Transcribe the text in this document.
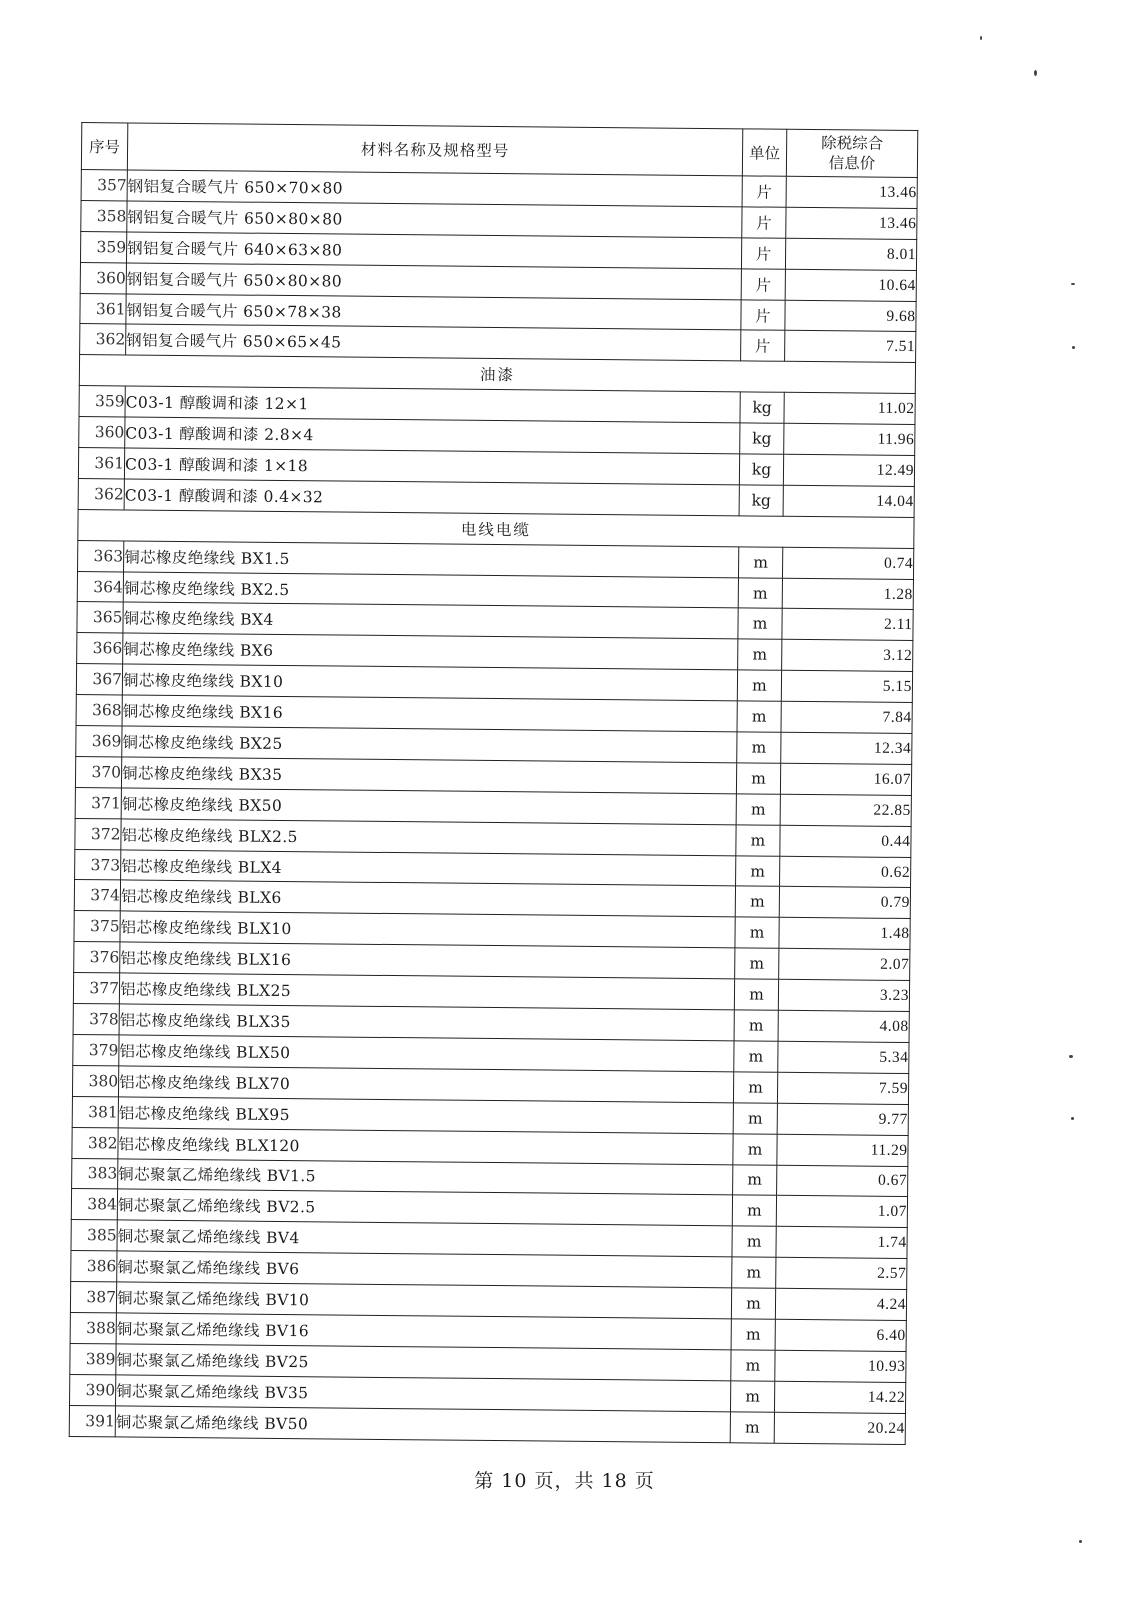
序号	材料名称及规格型号	单位	除税综合
信息价
357	钢铝复合暖气片 650×70×80	片	13.46
358	钢铝复合暖气片 650×80×80	片	13.46
359	钢铝复合暖气片 640×63×80	片	8.01
360	钢铝复合暖气片 650×80×80	片	10.64
361	钢铝复合暖气片 650×78×38	片	9.68
362	钢铝复合暖气片 650×65×45	片	7.51
油漆			
359	C03-1 醇酸调和漆 12×1	kg	11.02
360	C03-1 醇酸调和漆 2.8×4	kg	11.96
361	C03-1 醇酸调和漆 1×18	kg	12.49
362	C03-1 醇酸调和漆 0.4×32	kg	14.04
电线电缆			
363	铜芯橡皮绝缘线 BX1.5	m	0.74
364	铜芯橡皮绝缘线 BX2.5	m	1.28
365	铜芯橡皮绝缘线 BX4	m	2.11
366	铜芯橡皮绝缘线 BX6	m	3.12
367	铜芯橡皮绝缘线 BX10	m	5.15
368	铜芯橡皮绝缘线 BX16	m	7.84
369	铜芯橡皮绝缘线 BX25	m	12.34
370	铜芯橡皮绝缘线 BX35	m	16.07
371	铜芯橡皮绝缘线 BX50	m	22.85
372	铝芯橡皮绝缘线 BLX2.5	m	0.44
373	铝芯橡皮绝缘线 BLX4	m	0.62
374	铝芯橡皮绝缘线 BLX6	m	0.79
375	铝芯橡皮绝缘线 BLX10	m	1.48
376	铝芯橡皮绝缘线 BLX16	m	2.07
377	铝芯橡皮绝缘线 BLX25	m	3.23
378	铝芯橡皮绝缘线 BLX35	m	4.08
379	铝芯橡皮绝缘线 BLX50	m	5.34
380	铝芯橡皮绝缘线 BLX70	m	7.59
381	铝芯橡皮绝缘线 BLX95	m	9.77
382	铝芯橡皮绝缘线 BLX120	m	11.29
383	铜芯聚氯乙烯绝缘线 BV1.5	m	0.67
384	铜芯聚氯乙烯绝缘线 BV2.5	m	1.07
385	铜芯聚氯乙烯绝缘线 BV4	m	1.74
386	铜芯聚氯乙烯绝缘线 BV6	m	2.57
387	铜芯聚氯乙烯绝缘线 BV10	m	4.24
388	铜芯聚氯乙烯绝缘线 BV16	m	6.40
389	铜芯聚氯乙烯绝缘线 BV25	m	10.93
390	铜芯聚氯乙烯绝缘线 BV35	m	14.22
391	铜芯聚氯乙烯绝缘线 BV50	m	20.24
第 10 页，共 18 页
